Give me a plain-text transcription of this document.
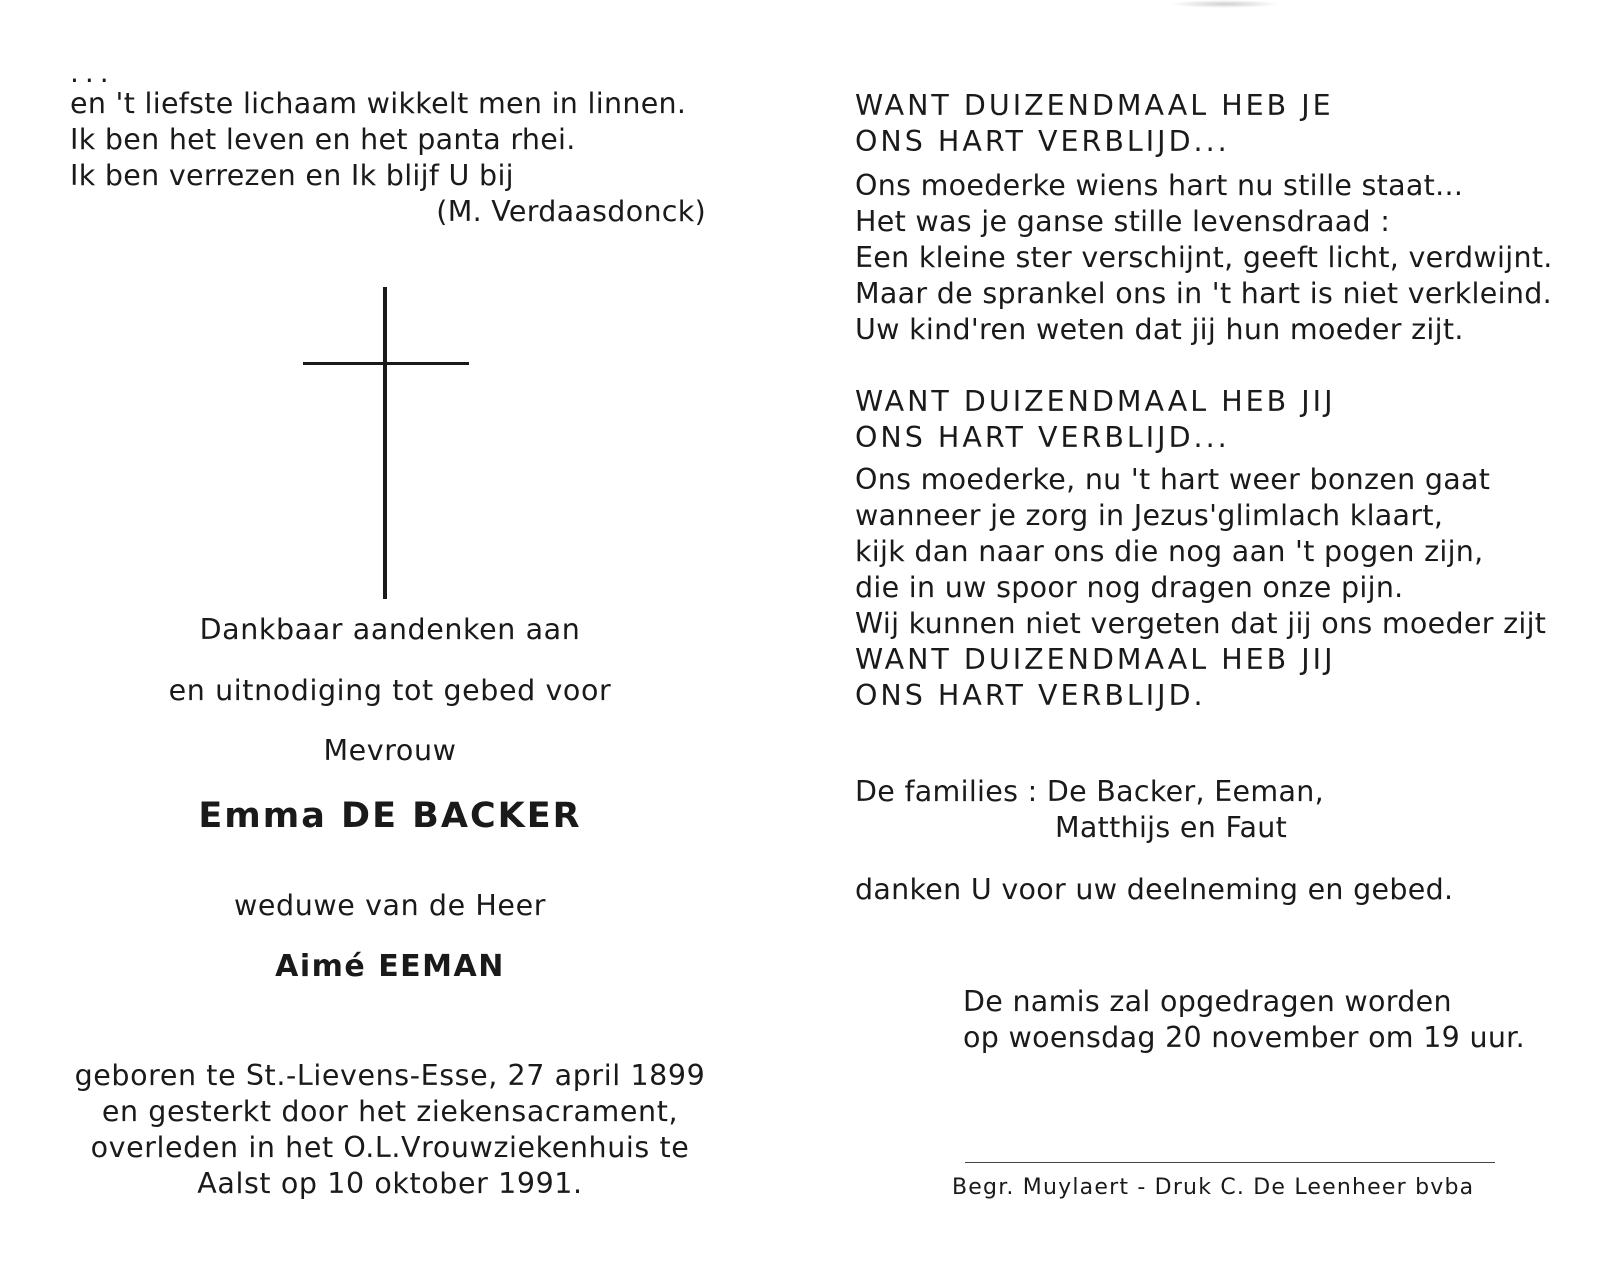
...
en 't liefste lichaam wikkelt men in linnen.
Ik ben het leven en het panta rhei.
Ik ben verrezen en Ik blijf U bij
(M. Verdaasdonck)
Dankbaar aandenken aan
en uitnodiging tot gebed voor
Mevrouw
Emma DE BACKER
weduwe van de Heer
Aimé EEMAN
geboren te St.-Lievens-Esse, 27 april 1899
en gesterkt door het ziekensacrament,
overleden in het O.L.Vrouwziekenhuis te
Aalst op 10 oktober 1991.
WANT DUIZENDMAAL HEB JE
ONS HART VERBLIJD...
Ons moederke wiens hart nu stille staat...
Het was je ganse stille levensdraad :
Een kleine ster verschijnt, geeft licht, verdwijnt.
Maar de sprankel ons in 't hart is niet verkleind.
Uw kind'ren weten dat jij hun moeder zijt.
WANT DUIZENDMAAL HEB JIJ
ONS HART VERBLIJD...
Ons moederke, nu 't hart weer bonzen gaat
wanneer je zorg in Jezus'glimlach klaart,
kijk dan naar ons die nog aan 't pogen zijn,
die in uw spoor nog dragen onze pijn.
Wij kunnen niet vergeten dat jij ons moeder zijt
WANT DUIZENDMAAL HEB JIJ
ONS HART VERBLIJD.
De families : De Backer, Eeman,
Matthijs en Faut
danken U voor uw deelneming en gebed.
De namis zal opgedragen worden
op woensdag 20 november om 19 uur.
Begr. Muylaert - Druk C. De Leenheer bvba
